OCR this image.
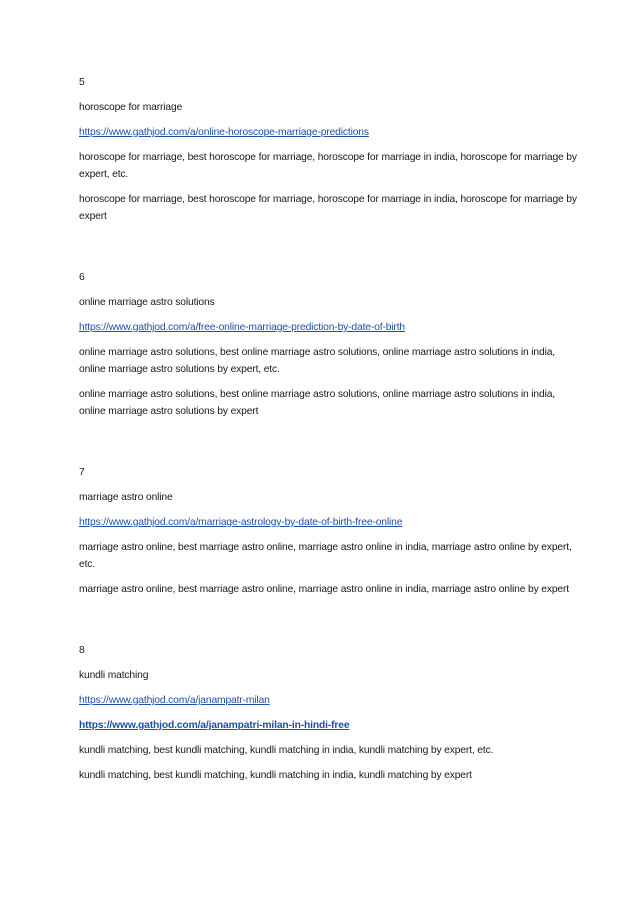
5

horoscope for marriage

https://www.gathjod.com/a/online-horoscope-marriage-predictions

horoscope for marriage, best horoscope for marriage, horoscope for marriage in india, horoscope for marriage by expert, etc.

horoscope for marriage, best horoscope for marriage, horoscope for marriage in india, horoscope for marriage by expert

6

online marriage astro solutions

https://www.gathjod.com/a/free-online-marriage-prediction-by-date-of-birth

online marriage astro solutions, best online marriage astro solutions, online marriage astro solutions in india, online marriage astro solutions by expert, etc.

online marriage astro solutions, best online marriage astro solutions, online marriage astro solutions in india, online marriage astro solutions by expert

7

marriage astro online

https://www.gathjod.com/a/marriage-astrology-by-date-of-birth-free-online

marriage astro online, best marriage astro online, marriage astro online in india, marriage astro online by expert, etc.

marriage astro online, best marriage astro online, marriage astro online in india, marriage astro online by expert

8

kundli matching

https://www.gathjod.com/a/janampatr-milan

https://www.gathjod.com/a/janampatri-milan-in-hindi-free

kundli matching, best kundli matching, kundli matching in india, kundli matching by expert, etc.

kundli matching, best kundli matching, kundli matching in india, kundli matching by expert
